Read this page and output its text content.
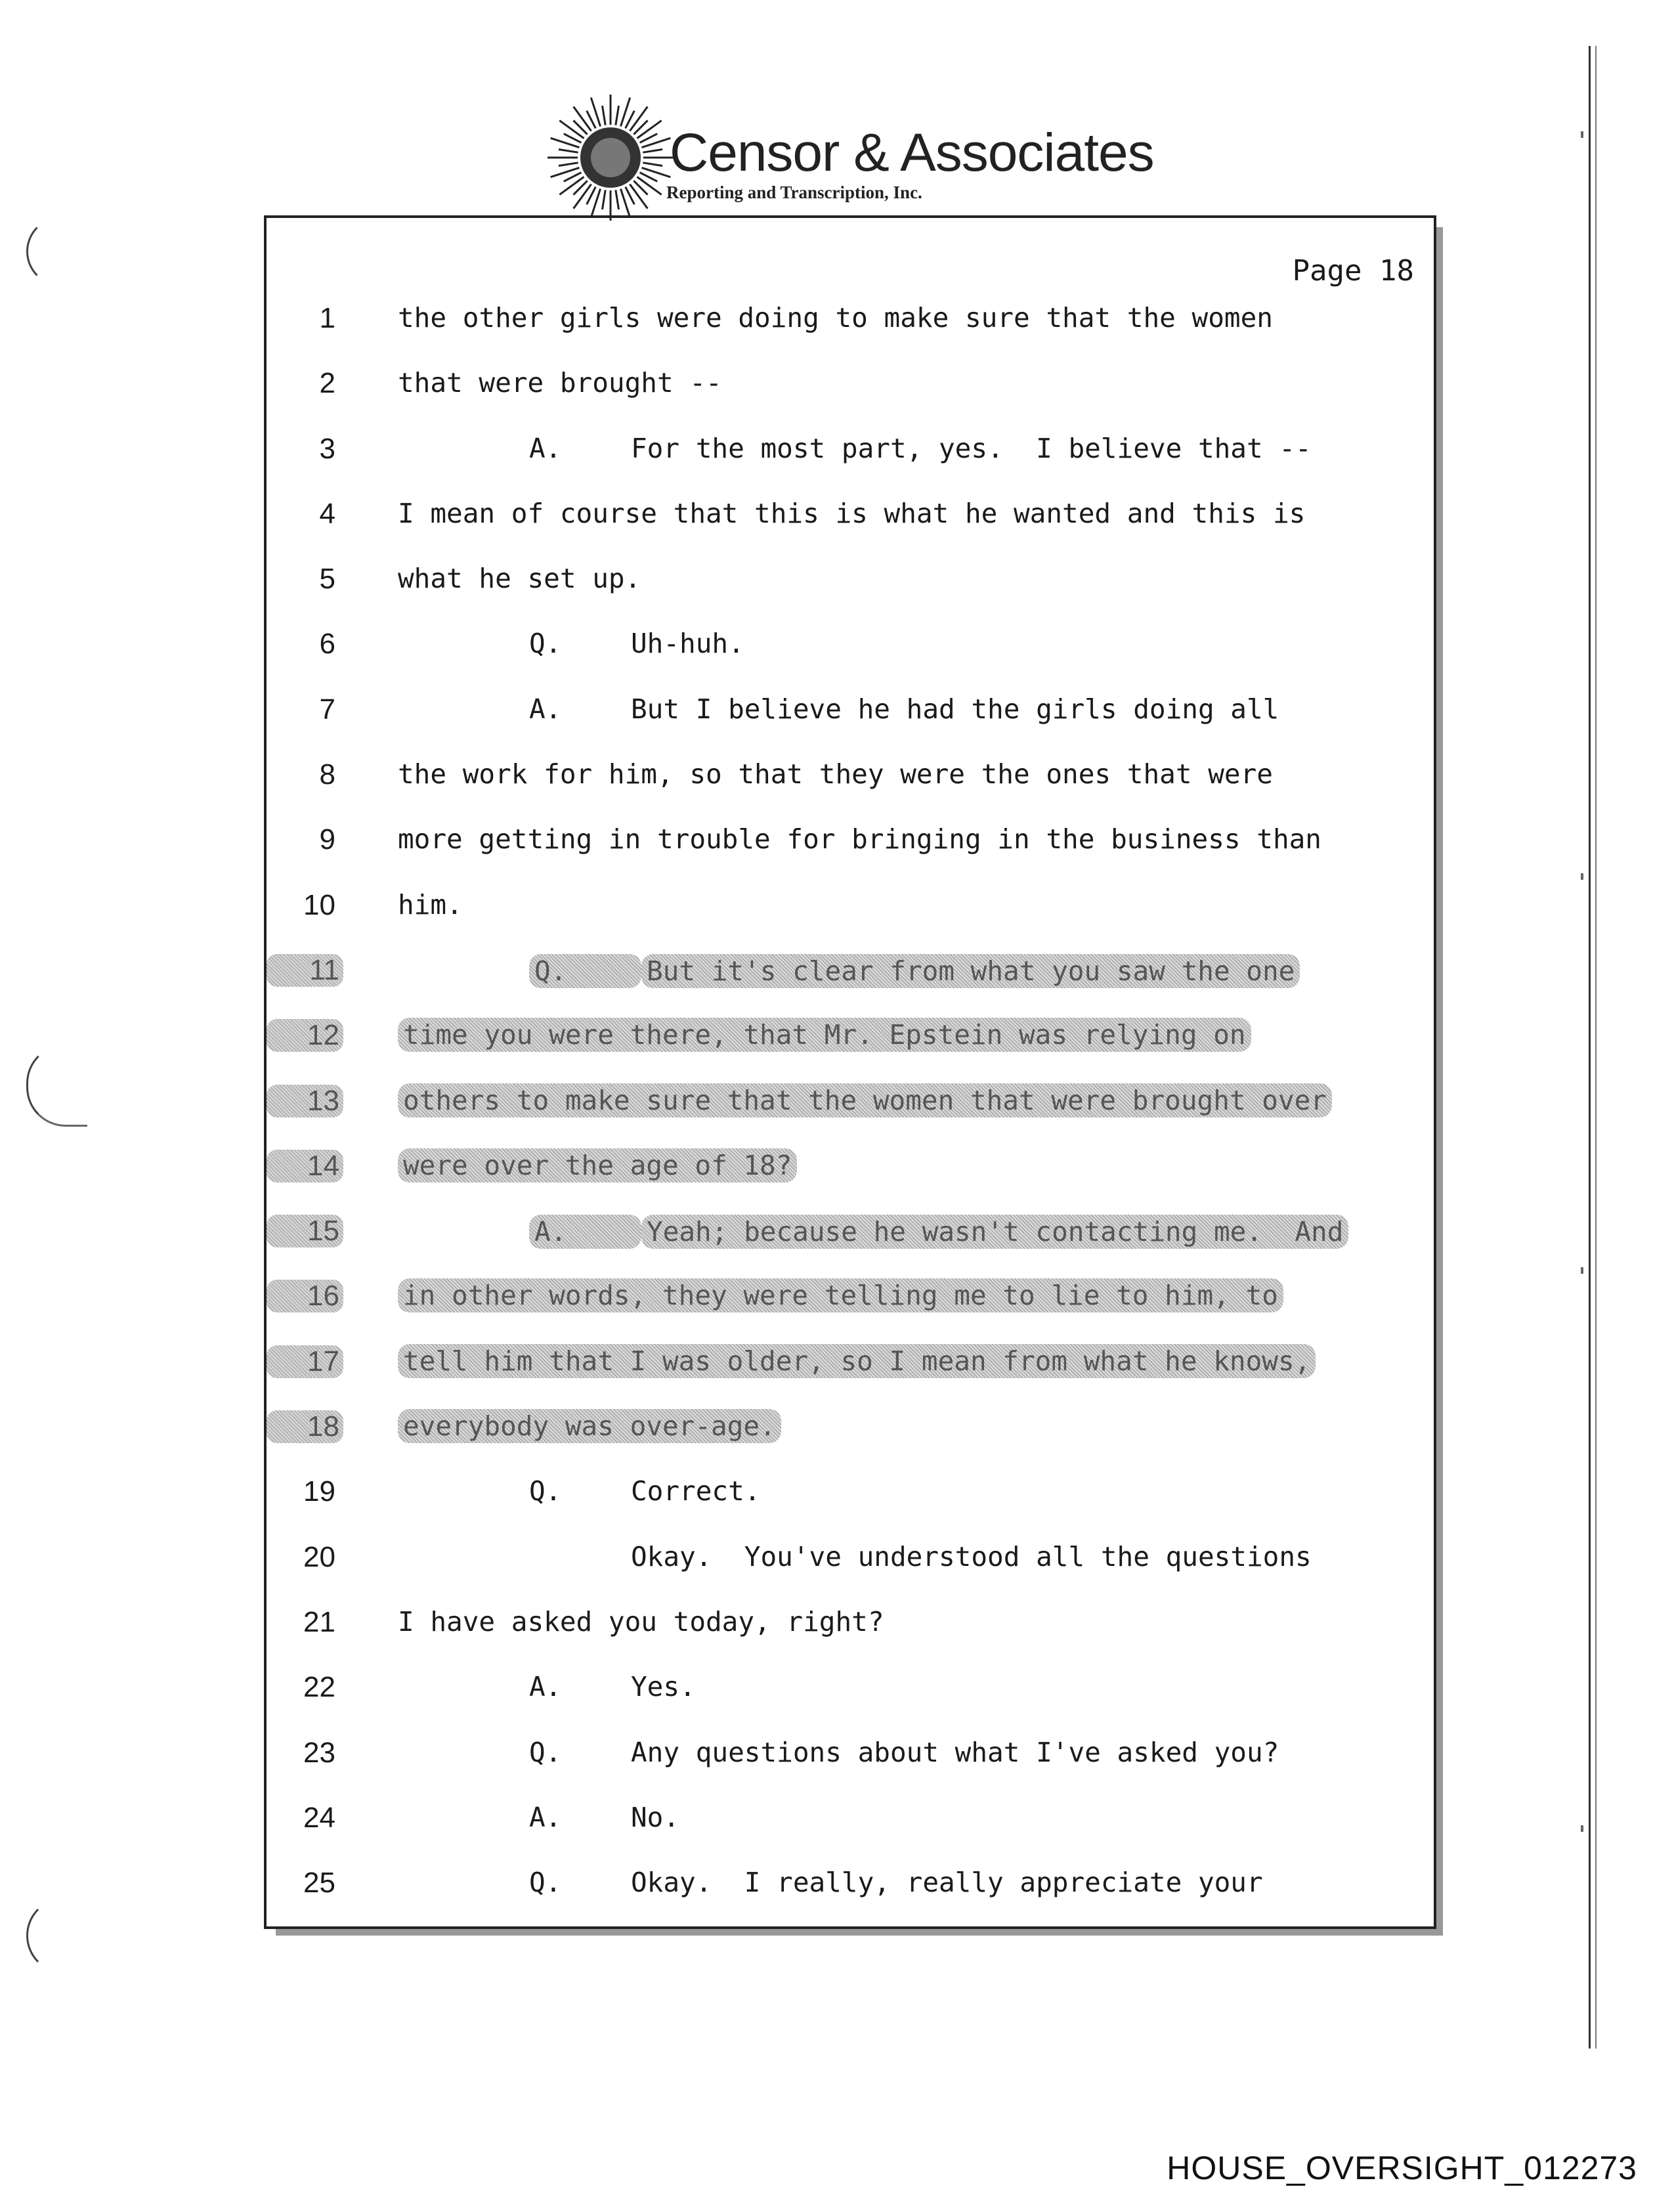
Censor & Associates
Reporting and Transcription, Inc.
Page 18
1 the other girls were doing to make sure that the women
2 that were brought --
3	A.	For the most part, yes.  I believe that --
4 I mean of course that this is what he wanted and this is
5 what he set up.
6	Q.	Uh-huh.
7	A.	But I believe he had the girls doing all
8 the work for him, so that they were the ones that were
9 more getting in trouble for bringing in the business than
10 him.
11	Q.	But it's clear from what you saw the one
12 time you were there, that Mr. Epstein was relying on
13 others to make sure that the women that were brought over
14 were over the age of 18?
15	A.	Yeah; because he wasn't contacting me.  And
16 in other words, they were telling me to lie to him, to
17 tell him that I was older, so I mean from what he knows,
18 everybody was over-age.
19	Q.	Correct.
20	Okay.  You've understood all the questions
21 I have asked you today, right?
22	A.	Yes.
23	Q.	Any questions about what I've asked you?
24	A.	No.
25	Q.	Okay.  I really, really appreciate your
HOUSE_OVERSIGHT_012273
